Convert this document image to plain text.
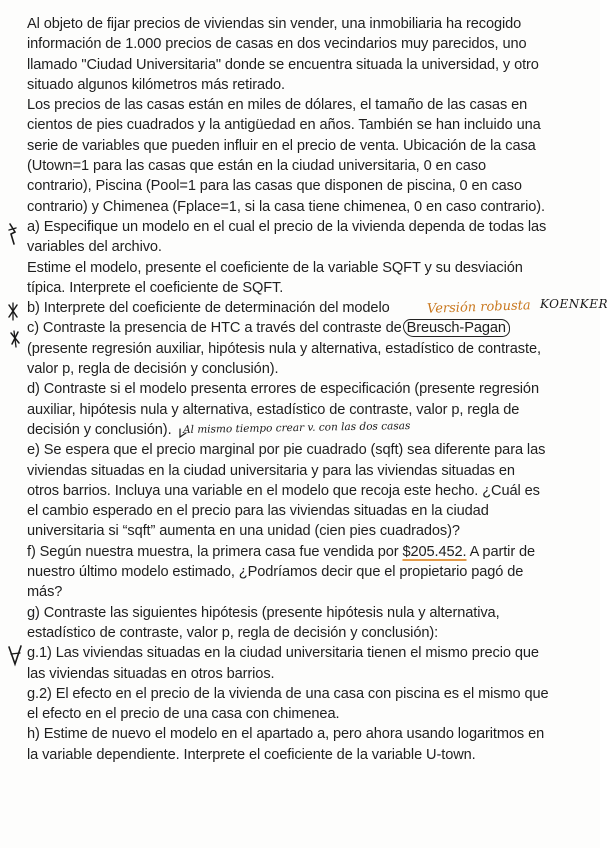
Al objeto de fijar precios de viviendas sin vender, una inmobiliaria ha recogido

información de 1.000 precios de casas en dos vecindarios muy parecidos, uno

llamado "Ciudad Universitaria" donde se encuentra situada la universidad, y otro

situado algunos kilómetros más retirado.

Los precios de las casas están en miles de dólares, el tamaño de las casas en

cientos de pies cuadrados y la antigüedad en años. También se han incluido una

serie de variables que pueden influir en el precio de venta. Ubicación de la casa

(Utown=1 para las casas que están en la ciudad universitaria, 0 en caso

contrario), Piscina (Pool=1 para las casas que disponen de piscina, 0 en caso

contrario) y Chimenea (Fplace=1, si la casa tiene chimenea, 0 en caso contrario).

a) Especifique un modelo en el cual el precio de la vivienda dependa de todas las

variables del archivo.

Estime el modelo, presente el coeficiente de la variable SQFT y su desviación

típica. Interprete el coeficiente de SQFT.

b) Interprete del coeficiente de determinación del modelo

c) Contraste la presencia de HTC a través del contraste de Breusch-Pagan

(presente regresión auxiliar, hipótesis nula y alternativa, estadístico de contraste,

valor p, regla de decisión y conclusión).

d) Contraste si el modelo presenta errores de especificación (presente regresión

auxiliar, hipótesis nula y alternativa, estadístico de contraste, valor p, regla de

decisión y conclusión).

e) Se espera que el precio marginal por pie cuadrado (sqft) sea diferente para las

viviendas situadas en la ciudad universitaria y para las viviendas situadas en

otros barrios. Incluya una variable en el modelo que recoja este hecho. ¿Cuál es

el cambio esperado en el precio para las viviendas situadas en la ciudad

universitaria si “sqft” aumenta en una unidad (cien pies cuadrados)?

f) Según nuestra muestra, la primera casa fue vendida por $205.452. A partir de

nuestro último modelo estimado, ¿Podríamos decir que el propietario pagó de

más?

g) Contraste las siguientes hipótesis (presente hipótesis nula y alternativa,

estadístico de contraste, valor p, regla de decisión y conclusión):

g.1) Las viviendas situadas en la ciudad universitaria tienen el mismo precio que

las viviendas situadas en otros barrios.

g.2) El efecto en el precio de la vivienda de una casa con piscina es el mismo que

el efecto en el precio de una casa con chimenea.

h) Estime de nuevo el modelo en el apartado a, pero ahora usando logaritmos en

la variable dependiente. Interprete el coeficiente de la variable U-town.

Versión robusta KOENKER
Al mismo tiempo crear v. con las dos casas
